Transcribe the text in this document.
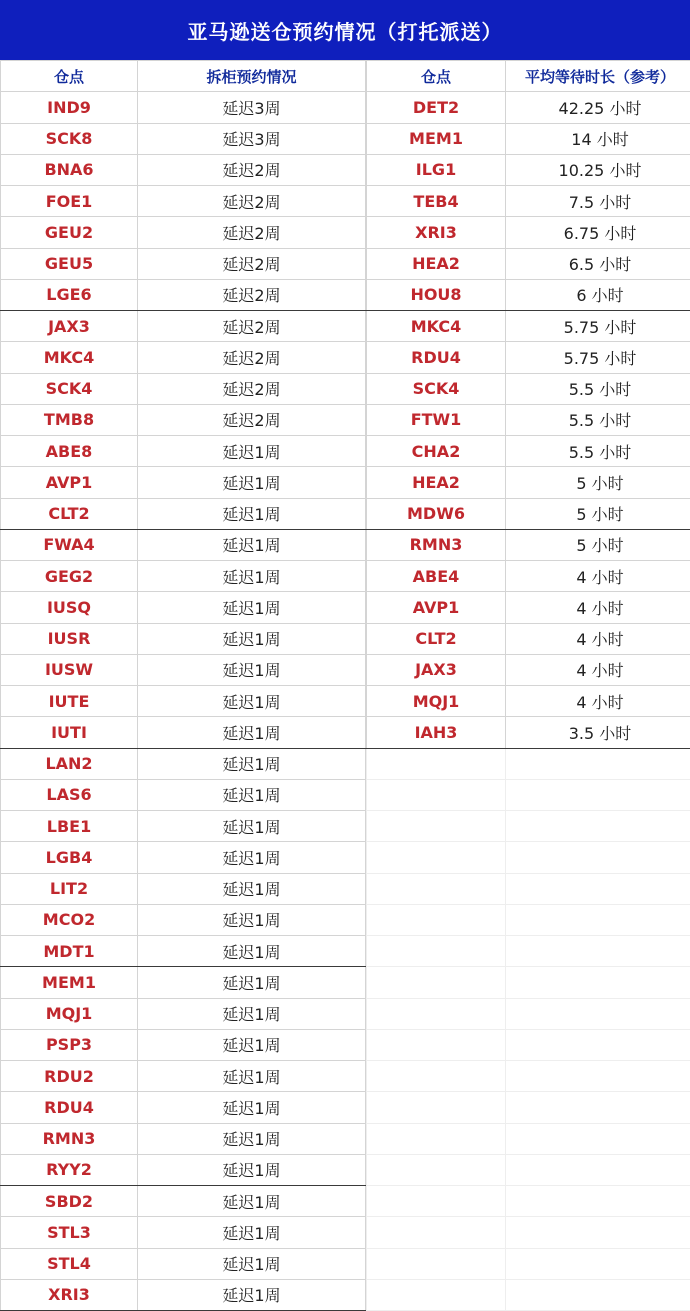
亚马逊送仓预约情况（打托派送）
仓点	拆柜预约情况
IND9	延迟3周
SCK8	延迟3周
BNA6	延迟2周
FOE1	延迟2周
GEU2	延迟2周
GEU5	延迟2周
LGE6	延迟2周
JAX3	延迟2周
MKC4	延迟2周
SCK4	延迟2周
TMB8	延迟2周
ABE8	延迟1周
AVP1	延迟1周
CLT2	延迟1周
FWA4	延迟1周
GEG2	延迟1周
IUSQ	延迟1周
IUSR	延迟1周
IUSW	延迟1周
IUTE	延迟1周
IUTI	延迟1周
LAN2	延迟1周
LAS6	延迟1周
LBE1	延迟1周
LGB4	延迟1周
LIT2	延迟1周
MCO2	延迟1周
MDT1	延迟1周
MEM1	延迟1周
MQJ1	延迟1周
PSP3	延迟1周
RDU2	延迟1周
RDU4	延迟1周
RMN3	延迟1周
RYY2	延迟1周
SBD2	延迟1周
STL3	延迟1周
STL4	延迟1周
XRI3	延迟1周
仓点	平均等待时长（参考）
DET2	42.25 小时
MEM1	14 小时
ILG1	10.25 小时
TEB4	7.5 小时
XRI3	6.75 小时
HEA2	6.5 小时
HOU8	6 小时
MKC4	5.75 小时
RDU4	5.75 小时
SCK4	5.5 小时
FTW1	5.5 小时
CHA2	5.5 小时
HEA2	5 小时
MDW6	5 小时
RMN3	5 小时
ABE4	4 小时
AVP1	4 小时
CLT2	4 小时
JAX3	4 小时
MQJ1	4 小时
IAH3	3.5 小时
